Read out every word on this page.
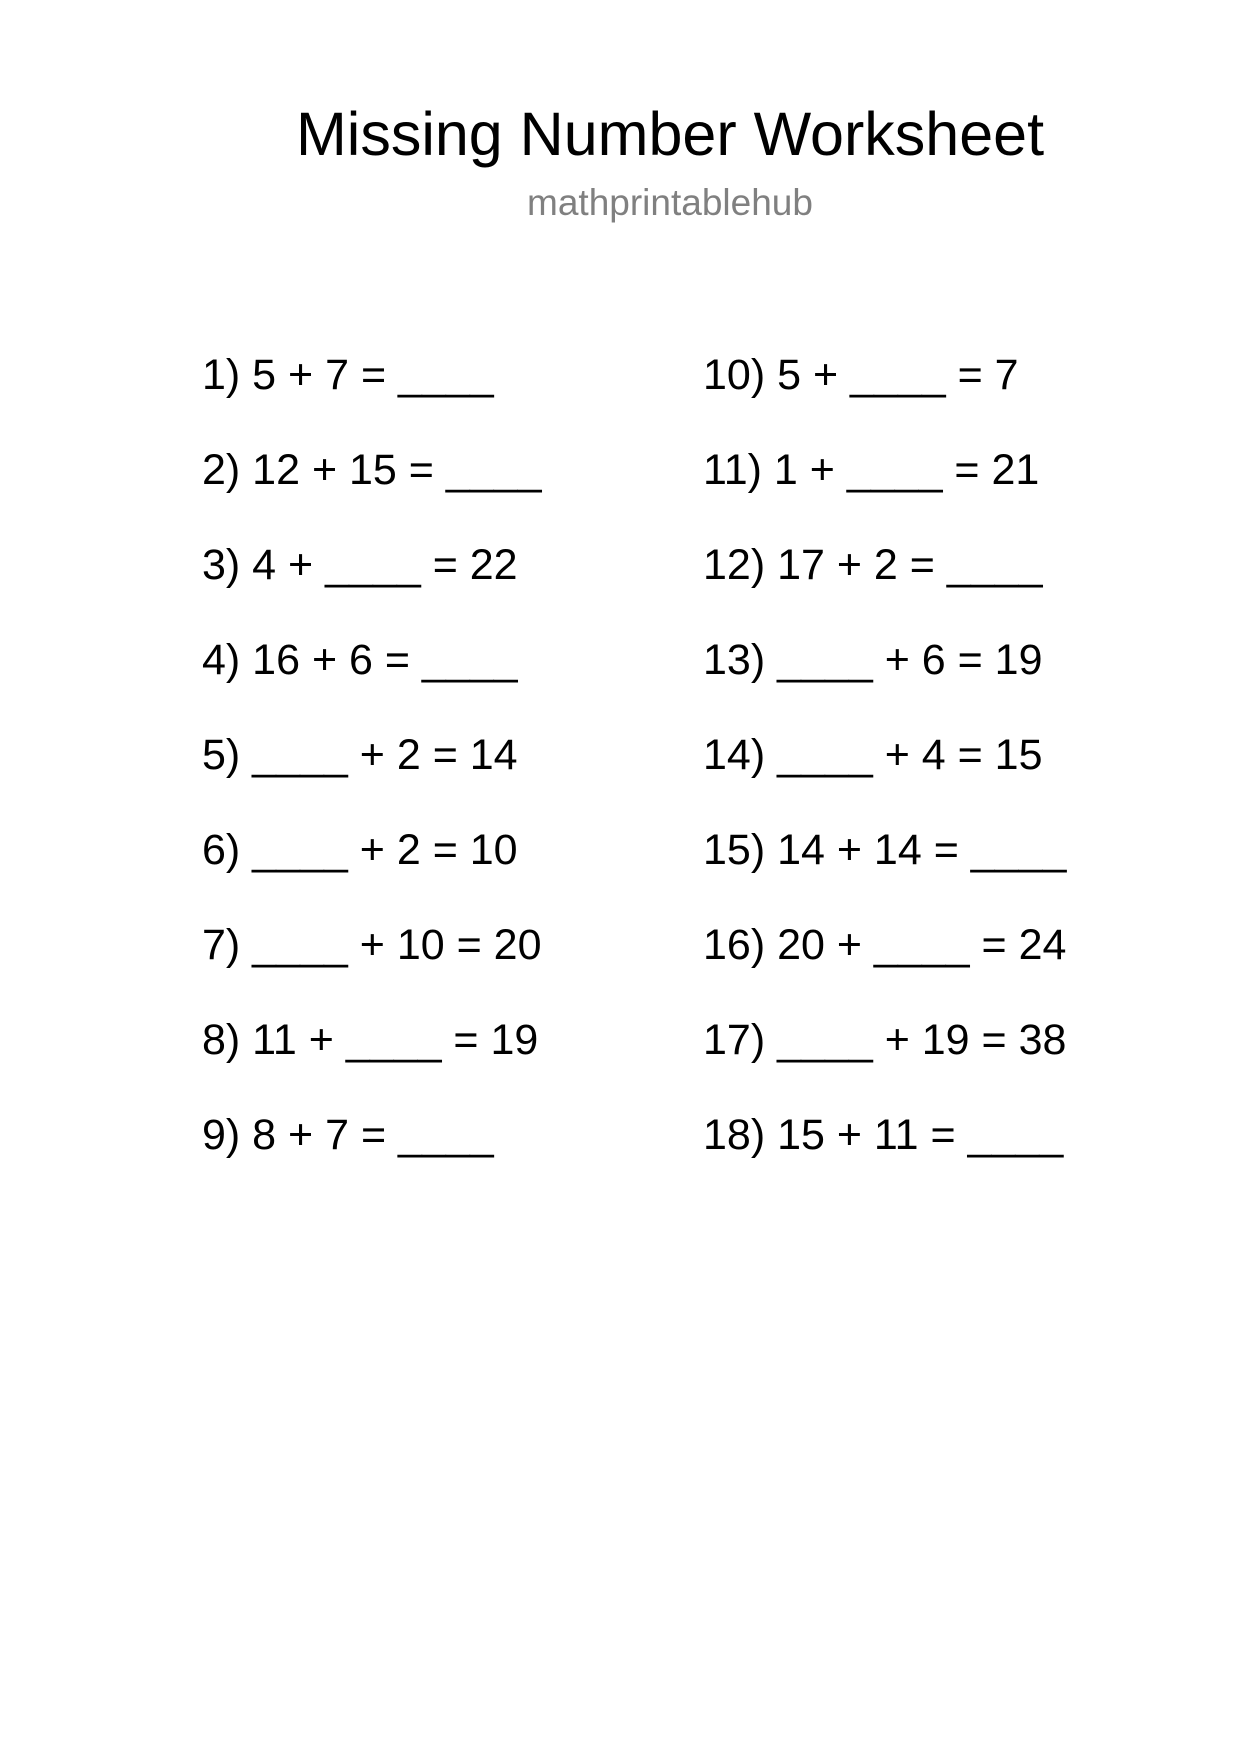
Missing Number Worksheet
mathprintablehub
1) 5 + 7 = ____
2) 12 + 15 = ____
3) 4 + ____ = 22
4) 16 + 6 = ____
5) ____ + 2 = 14
6) ____ + 2 = 10
7) ____ + 10 = 20
8) 11 + ____ = 19
9) 8 + 7 = ____
10) 5 + ____ = 7
11) 1 + ____ = 21
12) 17 + 2 = ____
13) ____ + 6 = 19
14) ____ + 4 = 15
15) 14 + 14 = ____
16) 20 + ____ = 24
17) ____ + 19 = 38
18) 15 + 11 = ____
